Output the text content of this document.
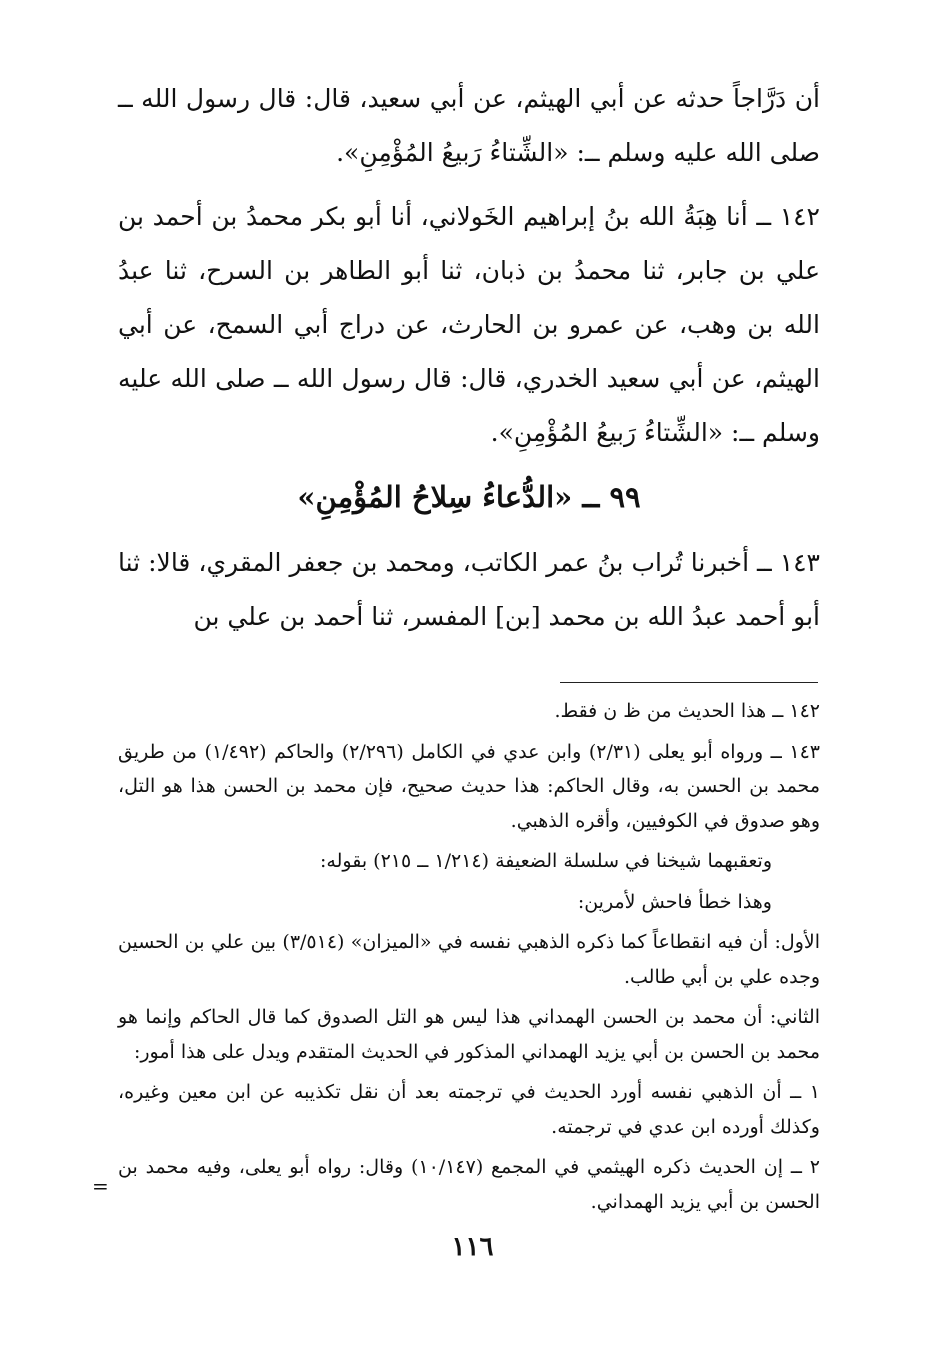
أن دَرَّاجاً حدثه عن أبي الهيثم، عن أبي سعيد، قال: قال رسول الله ــ صلى الله عليه وسلم ــ: «الشِّتاءُ رَبيعُ المُؤْمِنِ».

١٤٢ ــ أنا هِبَةُ الله بنُ إبراهيم الخَولاني، أنا أبو بكر محمدُ بن أحمد بن علي بن جابر، ثنا محمدُ بن ذبان، ثنا أبو الطاهر بن السرح، ثنا عبدُ الله بن وهب، عن عمرو بن الحارث، عن دراج أبي السمح، عن أبي الهيثم، عن أبي سعيد الخدري، قال: قال رسول الله ــ صلى الله عليه وسلم ــ: «الشِّتاءُ رَبيعُ المُؤْمِنِ».

٩٩ ــ «الدُّعاءُ سِلاحُ المُؤْمِنِ»

١٤٣ ــ أخبرنا تُراب بنُ عمر الكاتب، ومحمد بن جعفر المقري، قالا: ثنا أبو أحمد عبدُ الله بن محمد [بن] المفسر، ثنا أحمد بن علي بن

١٤٢ ــ هذا الحديث من ظ ن فقط.

١٤٣ ــ ورواه أبو يعلى (٢/٣١) وابن عدي في الكامل (٢/٢٩٦) والحاكم (١/٤٩٢) من طريق محمد بن الحسن به، وقال الحاكم: هذا حديث صحيح، فإن محمد بن الحسن هذا هو التل، وهو صدوق في الكوفيين، وأقره الذهبي.

وتعقبهما شيخنا في سلسلة الضعيفة (١/٢١٤ ــ ٢١٥) بقوله:

وهذا خطأ فاحش لأمرين:

الأول: أن فيه انقطاعاً كما ذكره الذهبي نفسه في «الميزان» (٣/٥١٤) بين علي بن الحسين وجده علي بن أبي طالب.

الثاني: أن محمد بن الحسن الهمداني هذا ليس هو التل الصدوق كما قال الحاكم وإنما هو محمد بن الحسن بن أبي يزيد الهمداني المذكور في الحديث المتقدم ويدل على هذا أمور:

١ ــ أن الذهبي نفسه أورد الحديث في ترجمته بعد أن نقل تكذيبه عن ابن معين وغيره، وكذلك أورده ابن عدي في ترجمته.

٢ ــ إن الحديث ذكره الهيثمي في المجمع (١٠/١٤٧) وقال: رواه أبو يعلى، وفيه محمد بن الحسن بن أبي يزيد الهمداني.

=
١١٦
